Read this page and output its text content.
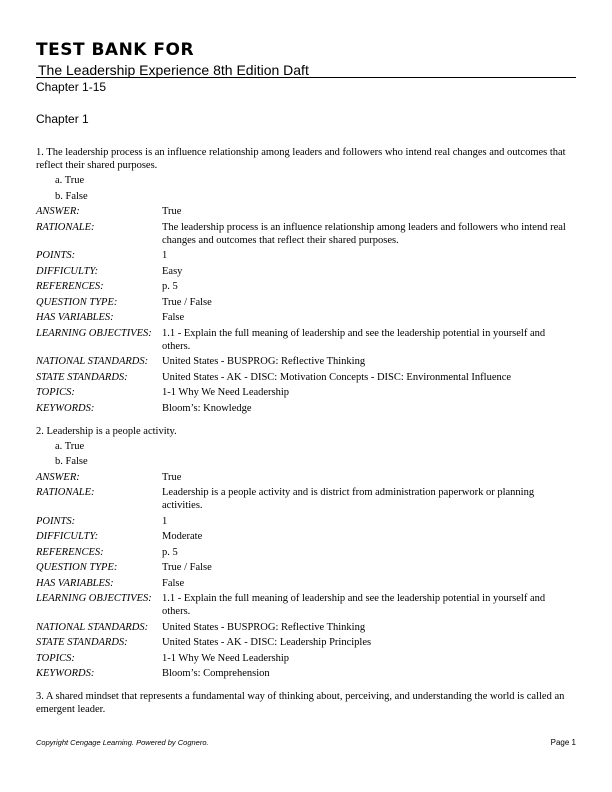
TEST BANK FOR
The Leadership Experience 8th Edition Daft
Chapter 1-15
Chapter 1
1. The leadership process is an influence relationship among leaders and followers who intend real changes and outcomes that reflect their shared purposes.
a. True
b. False
ANSWER:	True
RATIONALE:	The leadership process is an influence relationship among leaders and followers who intend real changes and outcomes that reflect their shared purposes.
POINTS:	1
DIFFICULTY:	Easy
REFERENCES:	p. 5
QUESTION TYPE:	True / False
HAS VARIABLES:	False
LEARNING OBJECTIVES: 1.1 - Explain the full meaning of leadership and see the leadership potential in yourself and others.
NATIONAL STANDARDS:	United States - BUSPROG: Reflective Thinking
STATE STANDARDS:	United States - AK - DISC: Motivation Concepts - DISC: Environmental Influence
TOPICS:	1-1 Why We Need Leadership
KEYWORDS:	Bloom’s: Knowledge
2. Leadership is a people activity.
a. True
b. False
ANSWER:	True
RATIONALE:	Leadership is a people activity and is district from administration paperwork or planning activities.
POINTS:	1
DIFFICULTY:	Moderate
REFERENCES:	p. 5
QUESTION TYPE:	True / False
HAS VARIABLES:	False
LEARNING OBJECTIVES: 1.1 - Explain the full meaning of leadership and see the leadership potential in yourself and others.
NATIONAL STANDARDS:	United States - BUSPROG: Reflective Thinking
STATE STANDARDS:	United States - AK - DISC: Leadership Principles
TOPICS:	1-1 Why We Need Leadership
KEYWORDS:	Bloom’s: Comprehension
3. A shared mindset that represents a fundamental way of thinking about, perceiving, and understanding the world is called an emergent leader.
Copyright Cengage Learning. Powered by Cognero.	Page 1
